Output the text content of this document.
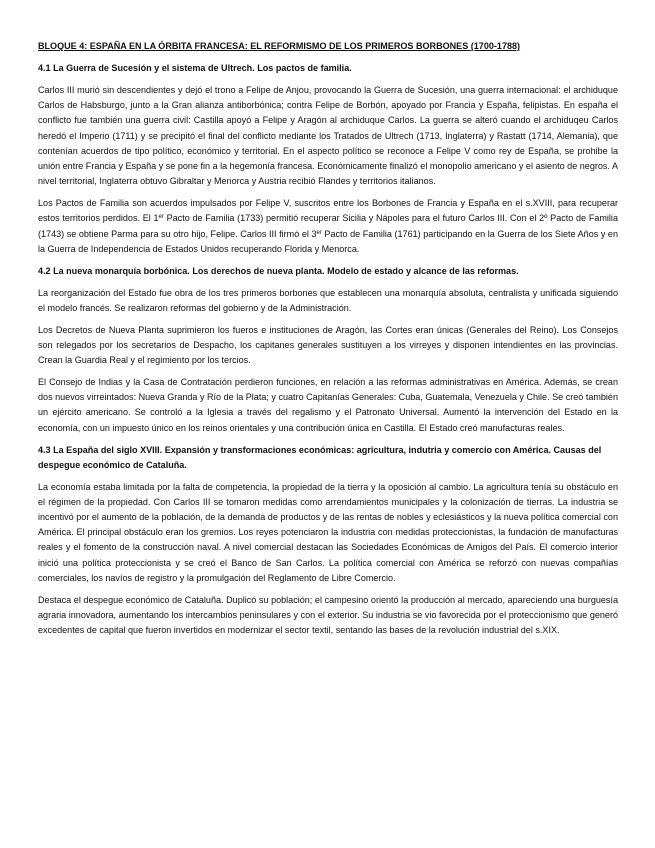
BLOQUE 4: ESPAÑA EN LA ÓRBITA FRANCESA: EL REFORMISMO DE LOS PRIMEROS BORBONES (1700-1788)
4.1 La Guerra de Sucesión y el sistema de Ultrech. Los pactos de familia.

Carlos III murió sin descendientes y dejó el trono a Felipe de Anjou, provocando la Guerra de Sucesión, una guerra internacional: el archiduque Carlos de Habsburgo, junto a la Gran alianza antiborbónica; contra Felipe de Borbón, apoyado por Francia y España, felipistas. En españa el conflicto fue también una guerra civil: Castilla apoyó a Felipe y Aragón al archiduque Carlos. La guerra se alteró cuando el archiduqeu Carlos heredó el Imperio (1711) y se precipitó el final del conflicto mediante los Tratados de Ultrech (1713, Inglaterra) y Rastatt (1714, Alemania), que contenían acuerdos de tipo político, económico y territorial. En el aspecto político se reconoce a Felipe V como rey de España, se prohibe la unión entre Francia y España y se pone fin a la hegemonía francesa. Económicamente finalizó el monopolio americano y el asiento de negros. A nivel territorial, Inglaterra obtuvo Gibraltar y Menorca y Austria recibió Flandes y territorios italianos.

Los Pactos de Familia son acuerdos impulsados por Felipe V, suscritos entre los Borbones de Francia y España en el s.XVIII, para recuperar estos territorios perdidos. El 1er Pacto de Familia (1733) permitió recuperar Sicilia y Nápoles para el futuro Carlos III. Con el 2º Pacto de Familia (1743) se obtiene Parma para su otro hijo, Felipe. Carlos III firmó el 3er Pacto de Familia (1761) participando en la Guerra de los Siete Años y en la Guerra de Independencia de Estados Unidos recuperando Florida y Menorca.

4.2 La nueva monarquía borbónica. Los derechos de nueva planta. Modelo de estado y alcance de las reformas.

La reorganización del Estado fue obra de los tres primeros borbones que establecen una monarquía absoluta, centralista y unificada siguiendo el modelo francés. Se realizaron reformas del gobierno y de la Administración.

Los Decretos de Nueva Planta suprimieron los fueros e instituciones de Aragón, las Cortes eran únicas (Generales del Reino). Los Consejos son relegados por los secretarios de Despacho, los capitanes generales sustituyen a los virreyes y disponen intendientes en las provincias. Crean la Guardia Real y el regimiento por los tercios.

El Consejo de Indias y la Casa de Contratación perdieron funciones, en relación a las reformas administrativas en América. Además, se crean dos nuevos virreintados: Nueva Granda y Río de la Plata; y cuatro Capitanías Generales: Cuba, Guatemala, Venezuela y Chile. Se creó también un ejército americano. Se controló a la Iglesia a través del regalismo y el Patronato Universal. Aumentó la intervención del Estado en la economía, con un impuesto único en los reinos orientales y una contribución única en Castilla. El Estado creó manufacturas reales.

4.3 La España del siglo XVIII. Expansión y transformaciones económicas: agricultura, indutria y comercio con América. Causas del despegue económico de Cataluña.

La economía estaba limitada por la falta de competencia, la propiedad de la tierra y la oposición al cambio. La agricultura tenía su obstáculo en el régimen de la propiedad. Con Carlos III se tomaron medidas como arrendamientos municipales y la colonización de tierras. La industria se incentivó por el aumento de la población, de la demanda de productos y de las rentas de nobles y eclesiásticos y la nueva política comercial con América. El principal obstáculo eran los gremios. Los reyes potenciaron la industria con medidas proteccionistas, la fundación de manufacturas reales y el fomento de la construcción naval. A nivel comercial destacan las Sociedades Económicas de Amigos del País. El comercio interior inició una política proteccionista y se creó el Banco de San Carlos. La política comercial con América se reforzó con nuevas compañías comerciales, los navíos de registro y la promulgación del Reglamento de Libre Comercio.

Destaca el despegue económico de Cataluña. Duplicó su población; el campesino orientó la producción al mercado, apareciendo una burguesía agraria innovadora, aumentando los intercambios peninsulares y con el exterior. Su industria se vio favorecida por el proteccionismo que generó excedentes de capital que fueron invertidos en modernizar el sector textil, sentando las bases de la revolución industrial del s.XIX.
